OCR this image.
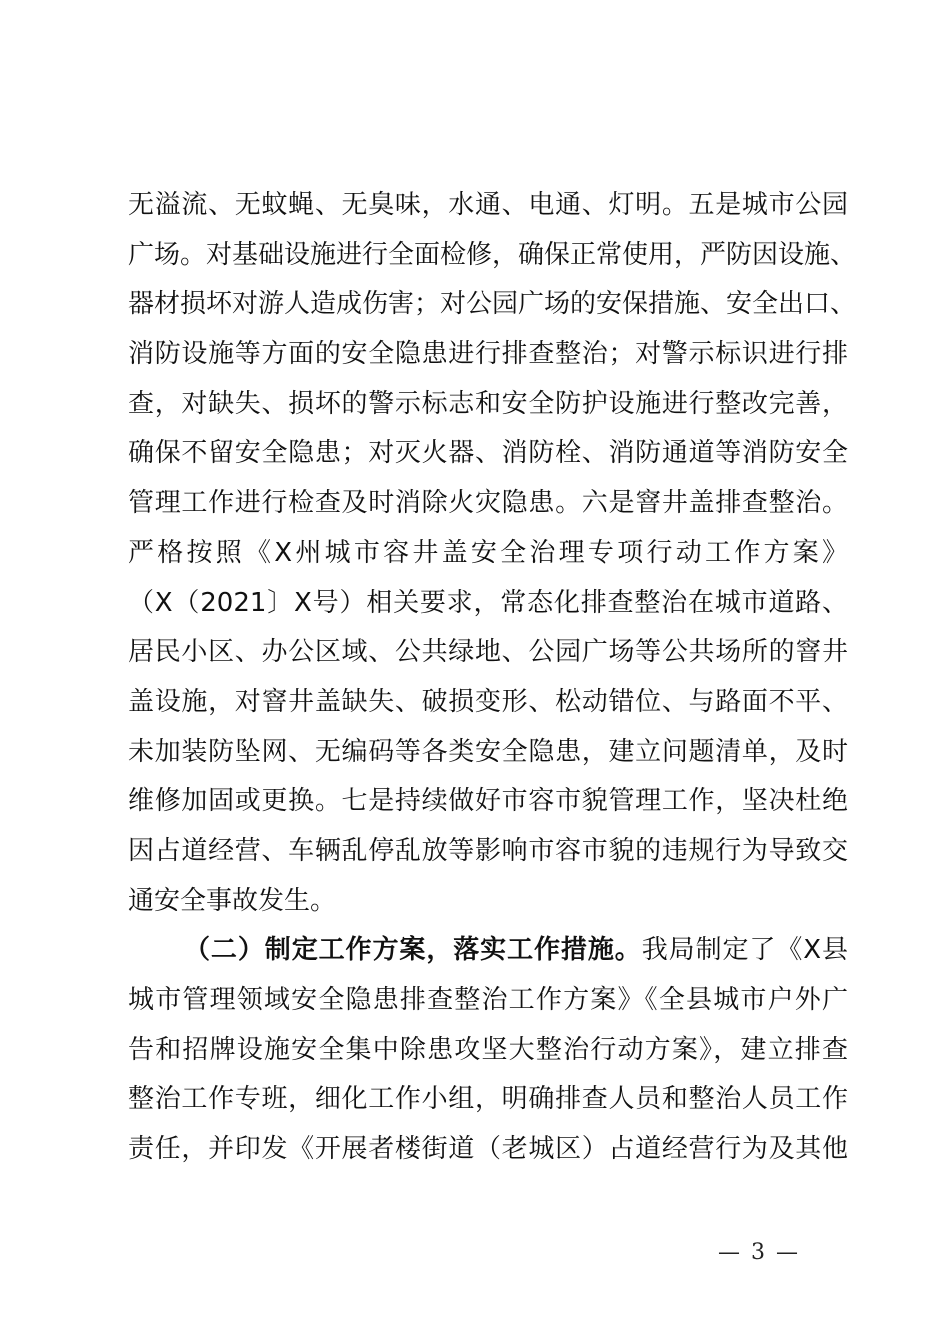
无溢流、无蚊蝇、无臭味，水通、电通、灯明。五是城市公园
广场。对基础设施进行全面检修，确保正常使用，严防因设施、
器材损坏对游人造成伤害；对公园广场的安保措施、安全出口、
消防设施等方面的安全隐患进行排查整治；对警示标识进行排
查，对缺失、损坏的警示标志和安全防护设施进行整改完善，
确保不留安全隐患；对灭火器、消防栓、消防通道等消防安全
管理工作进行检查及时消除火灾隐患。六是窨井盖排查整治。
严格按照《X州城市容井盖安全治理专项行动工作方案》
（X（2021〕X号）相关要求，常态化排查整治在城市道路、
居民小区、办公区域、公共绿地、公园广场等公共场所的窨井
盖设施，对窨井盖缺失、破损变形、松动错位、与路面不平、
未加装防坠网、无编码等各类安全隐患，建立问题清单，及时
维修加固或更换。七是持续做好市容市貌管理工作，坚决杜绝
因占道经营、车辆乱停乱放等影响市容市貌的违规行为导致交
通安全事故发生。
（二）制定工作方案，落实工作措施。我局制定了《X县
城市管理领域安全隐患排查整治工作方案》《全县城市户外广
告和招牌设施安全集中除患攻坚大整治行动方案》，建立排查
整治工作专班，细化工作小组，明确排查人员和整治人员工作
责任，并印发《开展者楼街道（老城区）占道经营行为及其他
— 3 —
